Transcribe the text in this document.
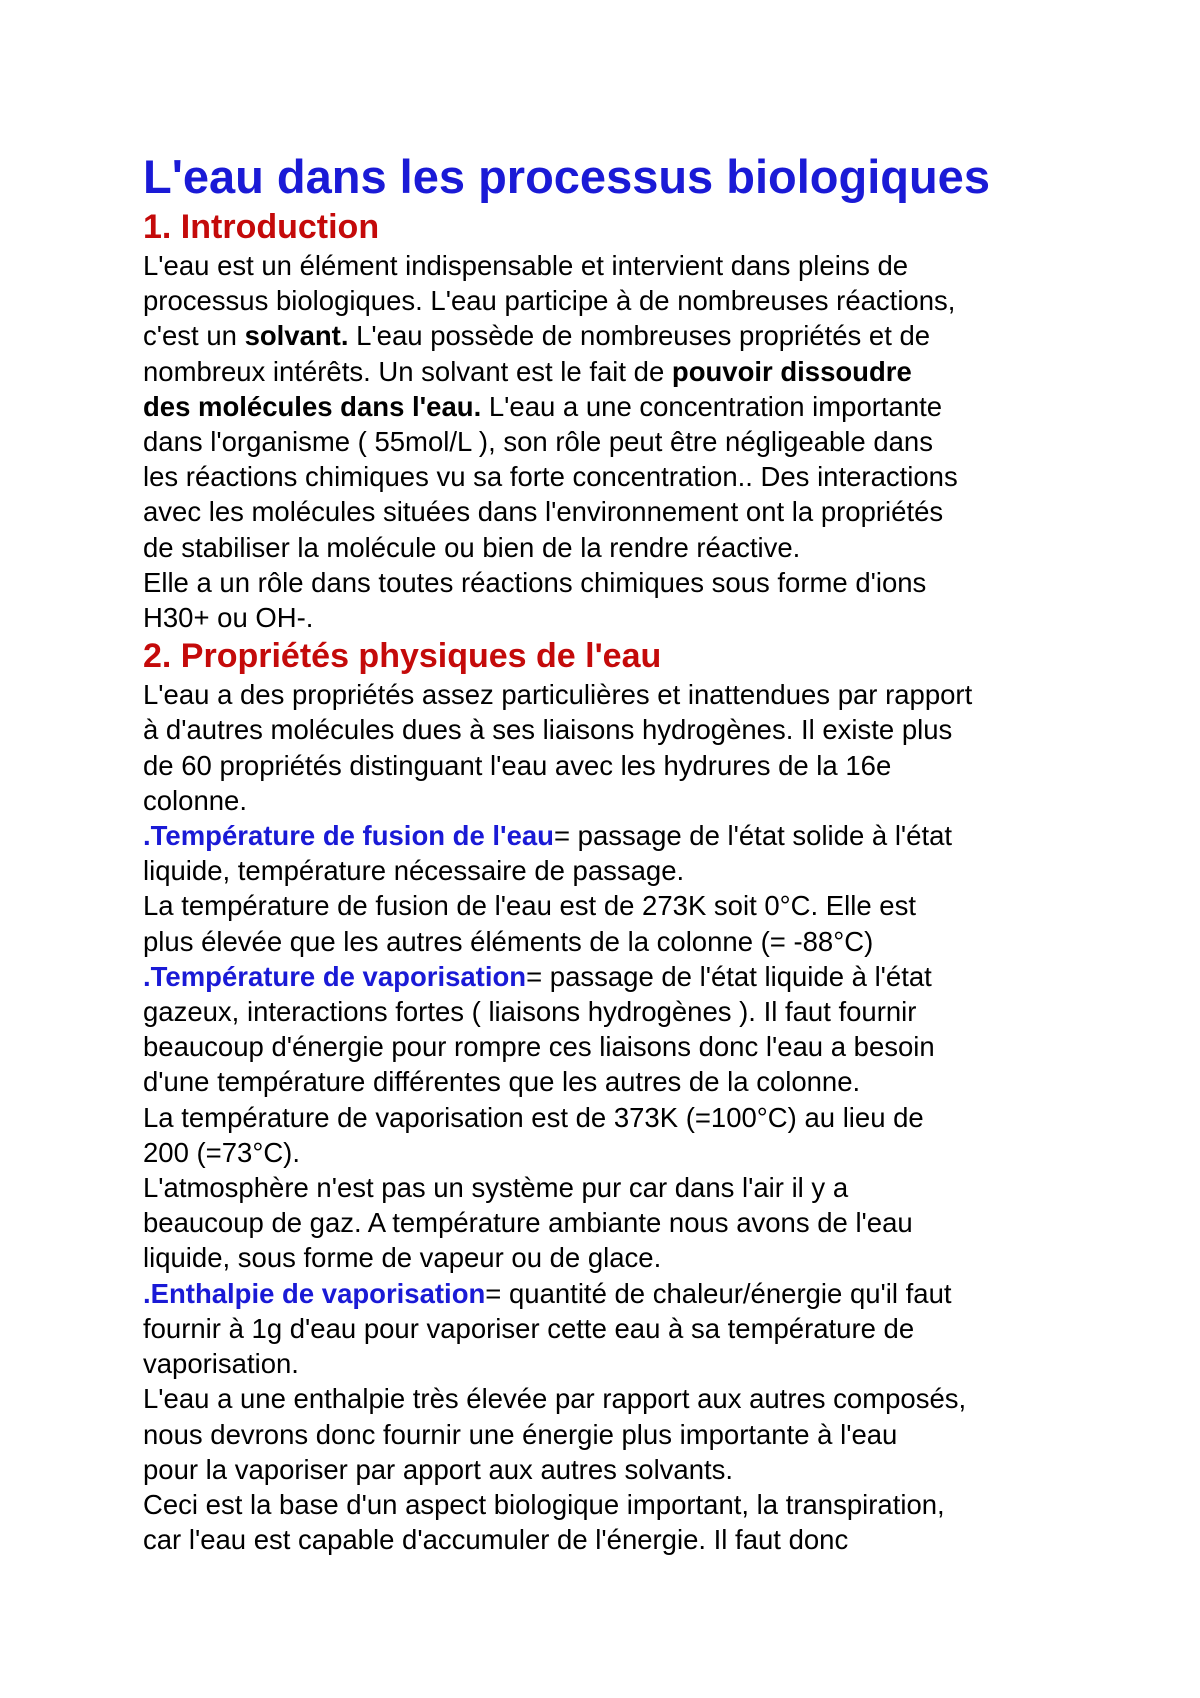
L'eau dans les processus biologiques
1. Introduction
L'eau est un élément indispensable et intervient dans pleins de
processus biologiques. L'eau participe à de nombreuses réactions,
c'est un solvant. L'eau possède de nombreuses propriétés et de
nombreux intérêts. Un solvant est le fait de pouvoir dissoudre
des molécules dans l'eau. L'eau a une concentration importante
dans l'organisme ( 55mol/L ), son rôle peut être négligeable dans
les réactions chimiques vu sa forte concentration.. Des interactions
avec les molécules situées dans l'environnement ont la propriétés
de stabiliser la molécule ou bien de la rendre réactive.
Elle a un rôle dans toutes réactions chimiques sous forme d'ions
H30+ ou OH-.
2. Propriétés physiques de l'eau
L'eau a des propriétés assez particulières et inattendues par rapport
à d'autres molécules dues à ses liaisons hydrogènes. Il existe plus
de 60 propriétés distinguant l'eau avec les hydrures de la 16e
colonne.
.Température de fusion de l'eau= passage de l'état solide à l'état
liquide, température nécessaire de passage.
La température de fusion de l'eau est de 273K soit 0°C. Elle est
plus élevée que les autres éléments de la colonne (= -88°C)
.Température de vaporisation= passage de l'état liquide à l'état
gazeux, interactions fortes ( liaisons hydrogènes ). Il faut fournir
beaucoup d'énergie pour rompre ces liaisons donc l'eau a besoin
d'une température différentes que les autres de la colonne.
La température de vaporisation est de 373K (=100°C) au lieu de
200 (=73°C).
L'atmosphère n'est pas un système pur car dans l'air il y a
beaucoup de gaz. A température ambiante nous avons de l'eau
liquide, sous forme de vapeur ou de glace.
.Enthalpie de vaporisation= quantité de chaleur/énergie qu'il faut
fournir à 1g d'eau pour vaporiser cette eau à sa température de
vaporisation.
L'eau a une enthalpie très élevée par rapport aux autres composés,
nous devrons donc fournir une énergie plus importante à l'eau
pour la vaporiser par apport aux autres solvants.
Ceci est la base d'un aspect biologique important, la transpiration,
car l'eau est capable d'accumuler de l'énergie. Il faut donc
